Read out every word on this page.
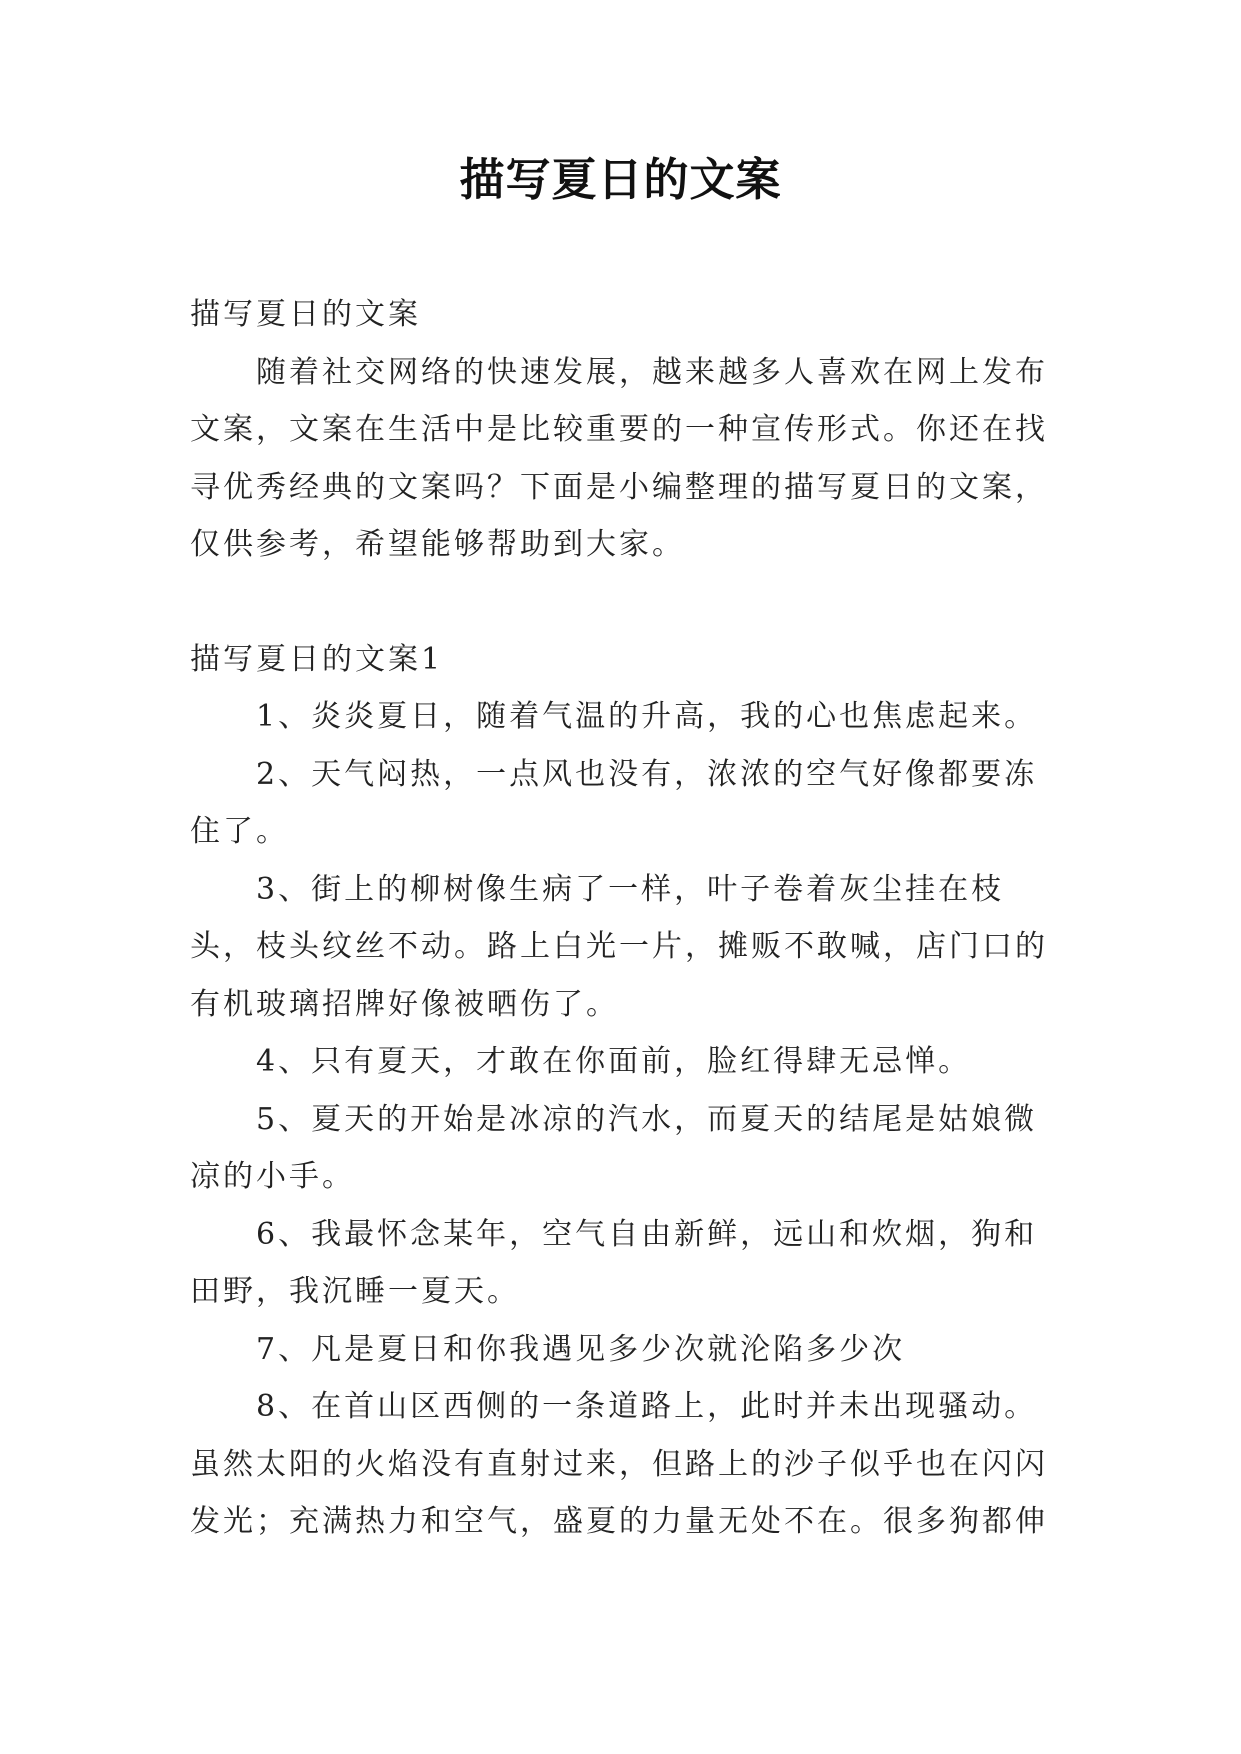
描写夏日的文案

描写夏日的文案

随着社交网络的快速发展，越来越多人喜欢在网上发布文案，文案在生活中是比较重要的一种宣传形式。你还在找寻优秀经典的文案吗？下面是小编整理的描写夏日的文案，仅供参考，希望能够帮助到大家。

描写夏日的文案1

1、炎炎夏日，随着气温的升高，我的心也焦虑起来。

2、天气闷热，一点风也没有，浓浓的空气好像都要冻住了。

3、街上的柳树像生病了一样，叶子卷着灰尘挂在枝头，枝头纹丝不动。路上白光一片，摊贩不敢喊，店门口的有机玻璃招牌好像被晒伤了。

4、只有夏天，才敢在你面前，脸红得肆无忌惮。

5、夏天的开始是冰凉的汽水，而夏天的结尾是姑娘微凉的小手。

6、我最怀念某年，空气自由新鲜，远山和炊烟，狗和田野，我沉睡一夏天。

7、凡是夏日和你我遇见多少次就沦陷多少次

8、在首山区西侧的一条道路上，此时并未出现骚动。虽然太阳的火焰没有直射过来，但路上的沙子似乎也在闪闪发光；充满热力和空气，盛夏的力量无处不在。很多狗都伸
